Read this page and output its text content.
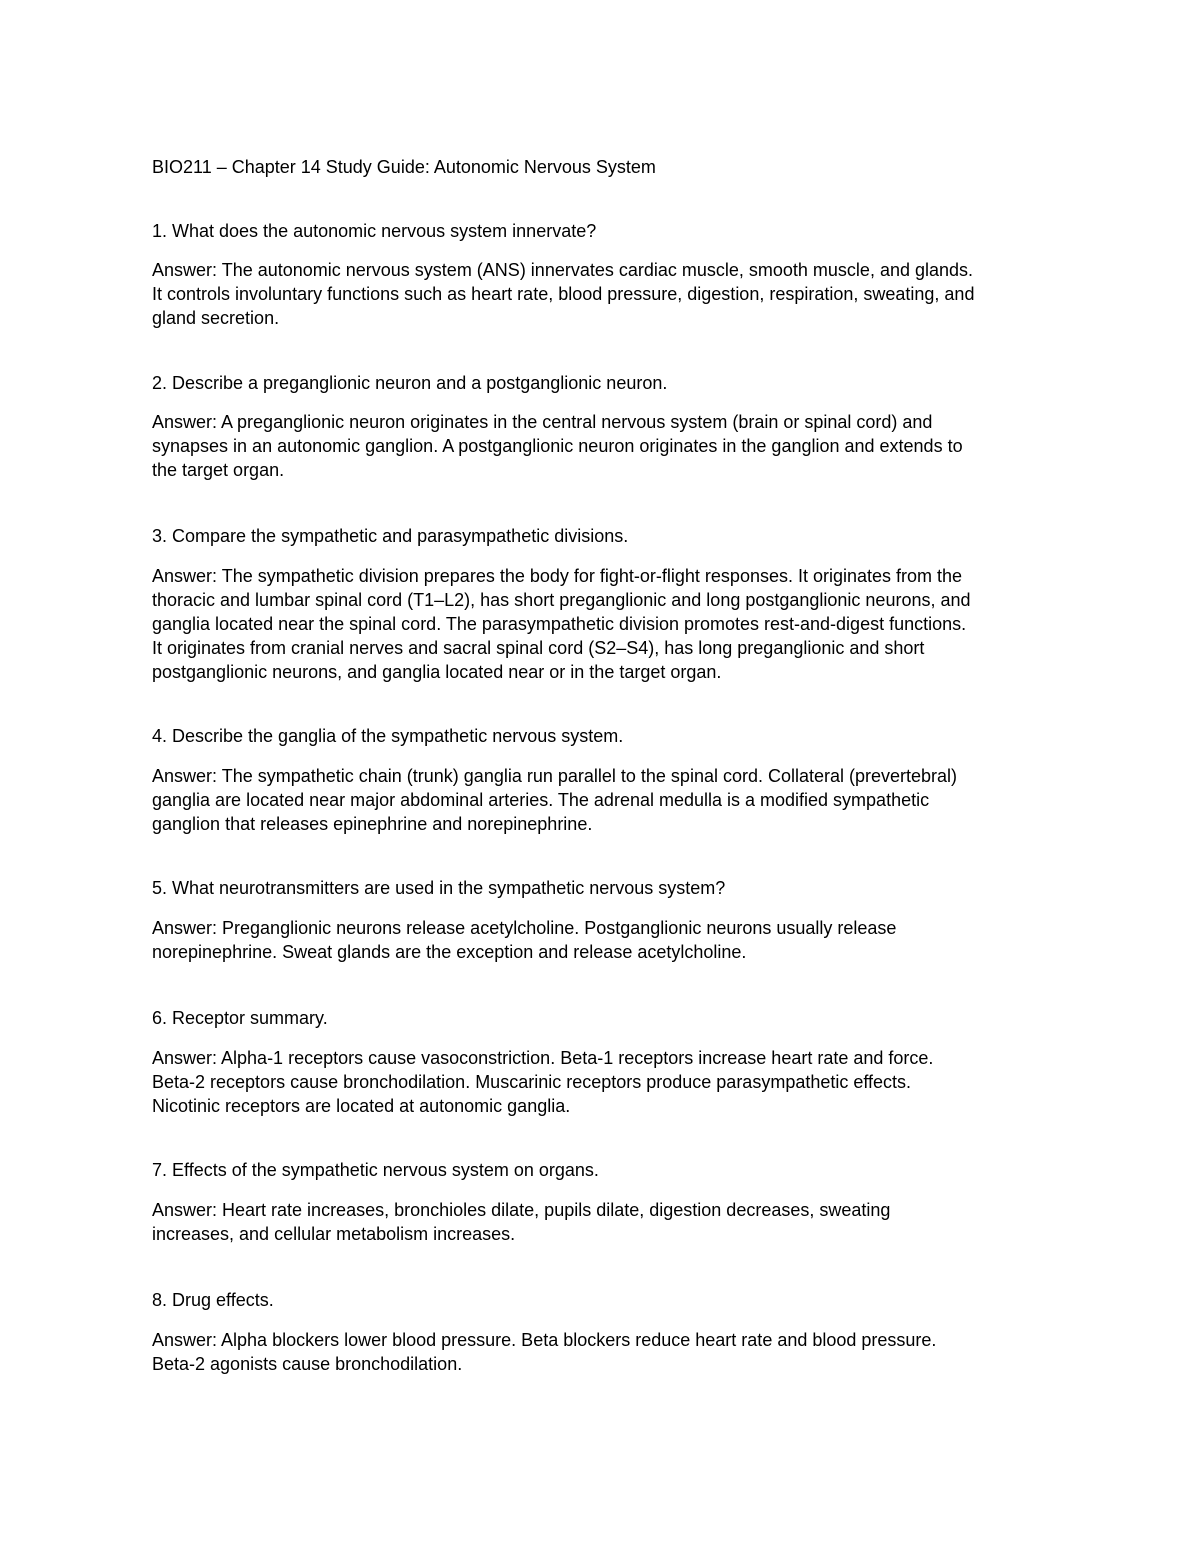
BIO211 – Chapter 14 Study Guide: Autonomic Nervous System

1. What does the autonomic nervous system innervate?

Answer: The autonomic nervous system (ANS) innervates cardiac muscle, smooth muscle, and glands.
It controls involuntary functions such as heart rate, blood pressure, digestion, respiration, sweating, and
gland secretion.

2. Describe a preganglionic neuron and a postganglionic neuron.

Answer: A preganglionic neuron originates in the central nervous system (brain or spinal cord) and
synapses in an autonomic ganglion. A postganglionic neuron originates in the ganglion and extends to
the target organ.

3. Compare the sympathetic and parasympathetic divisions.

Answer: The sympathetic division prepares the body for fight-or-flight responses. It originates from the
thoracic and lumbar spinal cord (T1–L2), has short preganglionic and long postganglionic neurons, and
ganglia located near the spinal cord. The parasympathetic division promotes rest-and-digest functions.
It originates from cranial nerves and sacral spinal cord (S2–S4), has long preganglionic and short
postganglionic neurons, and ganglia located near or in the target organ.

4. Describe the ganglia of the sympathetic nervous system.

Answer: The sympathetic chain (trunk) ganglia run parallel to the spinal cord. Collateral (prevertebral)
ganglia are located near major abdominal arteries. The adrenal medulla is a modified sympathetic
ganglion that releases epinephrine and norepinephrine.

5. What neurotransmitters are used in the sympathetic nervous system?

Answer: Preganglionic neurons release acetylcholine. Postganglionic neurons usually release
norepinephrine. Sweat glands are the exception and release acetylcholine.

6. Receptor summary.

Answer: Alpha-1 receptors cause vasoconstriction. Beta-1 receptors increase heart rate and force.
Beta-2 receptors cause bronchodilation. Muscarinic receptors produce parasympathetic effects.
Nicotinic receptors are located at autonomic ganglia.

7. Effects of the sympathetic nervous system on organs.

Answer: Heart rate increases, bronchioles dilate, pupils dilate, digestion decreases, sweating
increases, and cellular metabolism increases.

8. Drug effects.

Answer: Alpha blockers lower blood pressure. Beta blockers reduce heart rate and blood pressure.
Beta-2 agonists cause bronchodilation.
